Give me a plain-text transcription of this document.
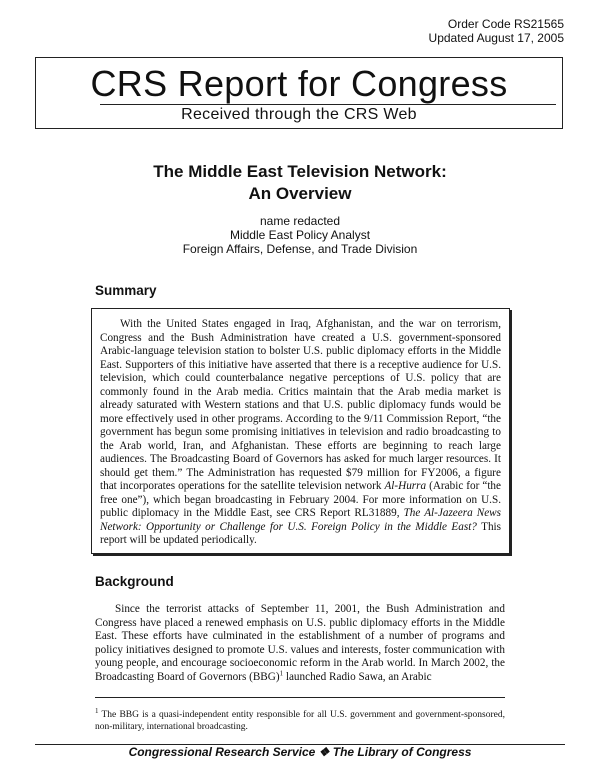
Order Code RS21565
Updated August 17, 2005
CRS Report for Congress
Received through the CRS Web
The Middle East Television Network:
An Overview
name redacted
Middle East Policy Analyst
Foreign Affairs, Defense, and Trade Division
Summary

With the United States engaged in Iraq, Afghanistan, and the war on terrorism, Congress and the Bush Administration have created a U.S. government-sponsored Arabic-language television station to bolster U.S. public diplomacy efforts in the Middle East. Supporters of this initiative have asserted that there is a receptive audience for U.S. television, which could counterbalance negative perceptions of U.S. policy that are commonly found in the Arab media. Critics maintain that the Arab media market is already saturated with Western stations and that U.S. public diplomacy funds would be more effectively used in other programs. According to the 9/11 Commission Report, “the government has begun some promising initiatives in television and radio broadcasting to the Arab world, Iran, and Afghanistan. These efforts are beginning to reach large audiences. The Broadcasting Board of Governors has asked for much larger resources. It should get them.” The Administration has requested $79 million for FY2006, a figure that incorporates operations for the satellite television network Al-Hurra (Arabic for “the free one”), which began broadcasting in February 2004. For more information on U.S. public diplomacy in the Middle East, see CRS Report RL31889, The Al-Jazeera News Network: Opportunity or Challenge for U.S. Foreign Policy in the Middle East? This report will be updated periodically.

Background

Since the terrorist attacks of September 11, 2001, the Bush Administration and Congress have placed a renewed emphasis on U.S. public diplomacy efforts in the Middle East. These efforts have culminated in the establishment of a number of programs and policy initiatives designed to promote U.S. values and interests, foster communication with young people, and encourage socioeconomic reform in the Arab world. In March 2002, the Broadcasting Board of Governors (BBG)$^1$ launched Radio Sawa, an Arabic

$^1$ The BBG is a quasi-independent entity responsible for all U.S. government and government-sponsored, non-military, international broadcasting.
Congressional Research Service ❖ The Library of Congress
